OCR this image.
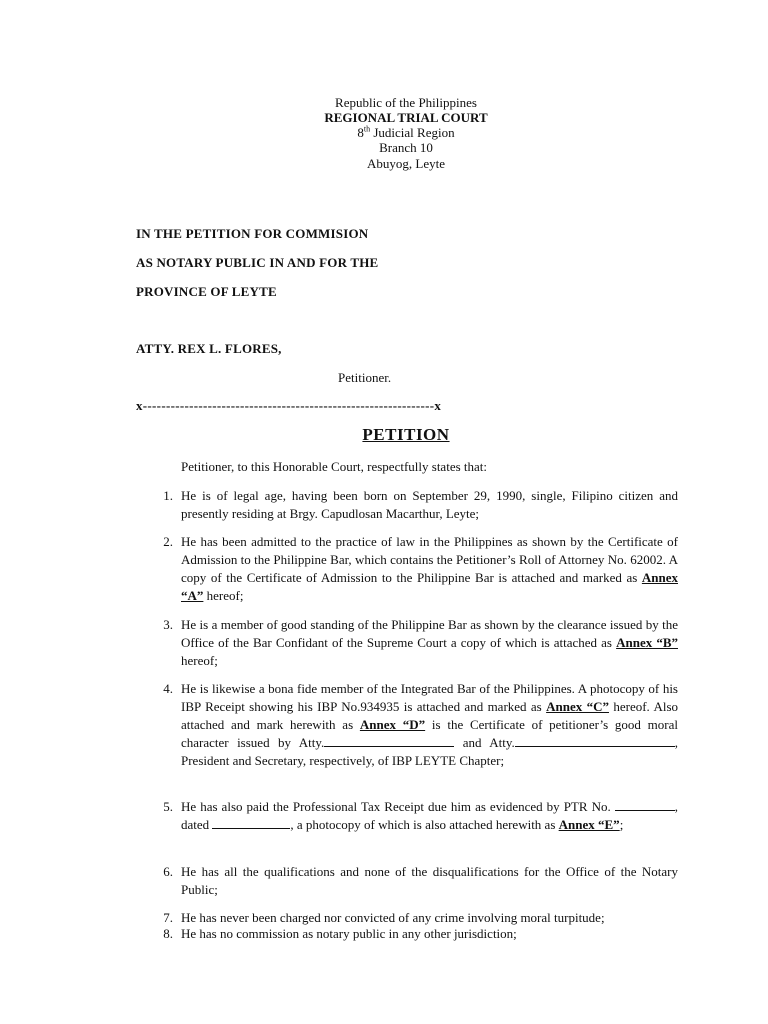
Republic of the Philippines
REGIONAL TRIAL COURT
8th Judicial Region
Branch 10
Abuyog, Leyte
IN THE PETITION FOR COMMISION
AS NOTARY PUBLIC IN AND FOR THE
PROVINCE OF LEYTE
ATTY. REX L. FLORES,
Petitioner.
x---------------------------------------------------------------x
PETITION
Petitioner, to this Honorable Court, respectfully states that:
1. He is of legal age, having been born on September 29, 1990, single, Filipino citizen and presently residing at Brgy. Capudlosan Macarthur, Leyte;
2. He has been admitted to the practice of law in the Philippines as shown by the Certificate of Admission to the Philippine Bar, which contains the Petitioner’s Roll of Attorney No. 62002. A copy of the Certificate of Admission to the Philippine Bar is attached and marked as Annex “A” hereof;
3. He is a member of good standing of the Philippine Bar as shown by the clearance issued by the Office of the Bar Confidant of the Supreme Court a copy of which is attached as Annex “B” hereof;
4. He is likewise a bona fide member of the Integrated Bar of the Philippines. A photocopy of his IBP Receipt showing his IBP No.934935 is attached and marked as Annex “C” hereof. Also attached and mark herewith as Annex “D” is the Certificate of petitioner’s good moral character issued by Atty.	and Atty.	, President and Secretary, respectively, of IBP LEYTE Chapter;
5. He has also paid the Professional Tax Receipt due him as evidenced by PTR No.	, dated	, a photocopy of which is also attached herewith as Annex “E”;
6. He has all the qualifications and none of the disqualifications for the Office of the Notary Public;
7. He has never been charged nor convicted of any crime involving moral turpitude;
8. He has no commission as notary public in any other jurisdiction;
